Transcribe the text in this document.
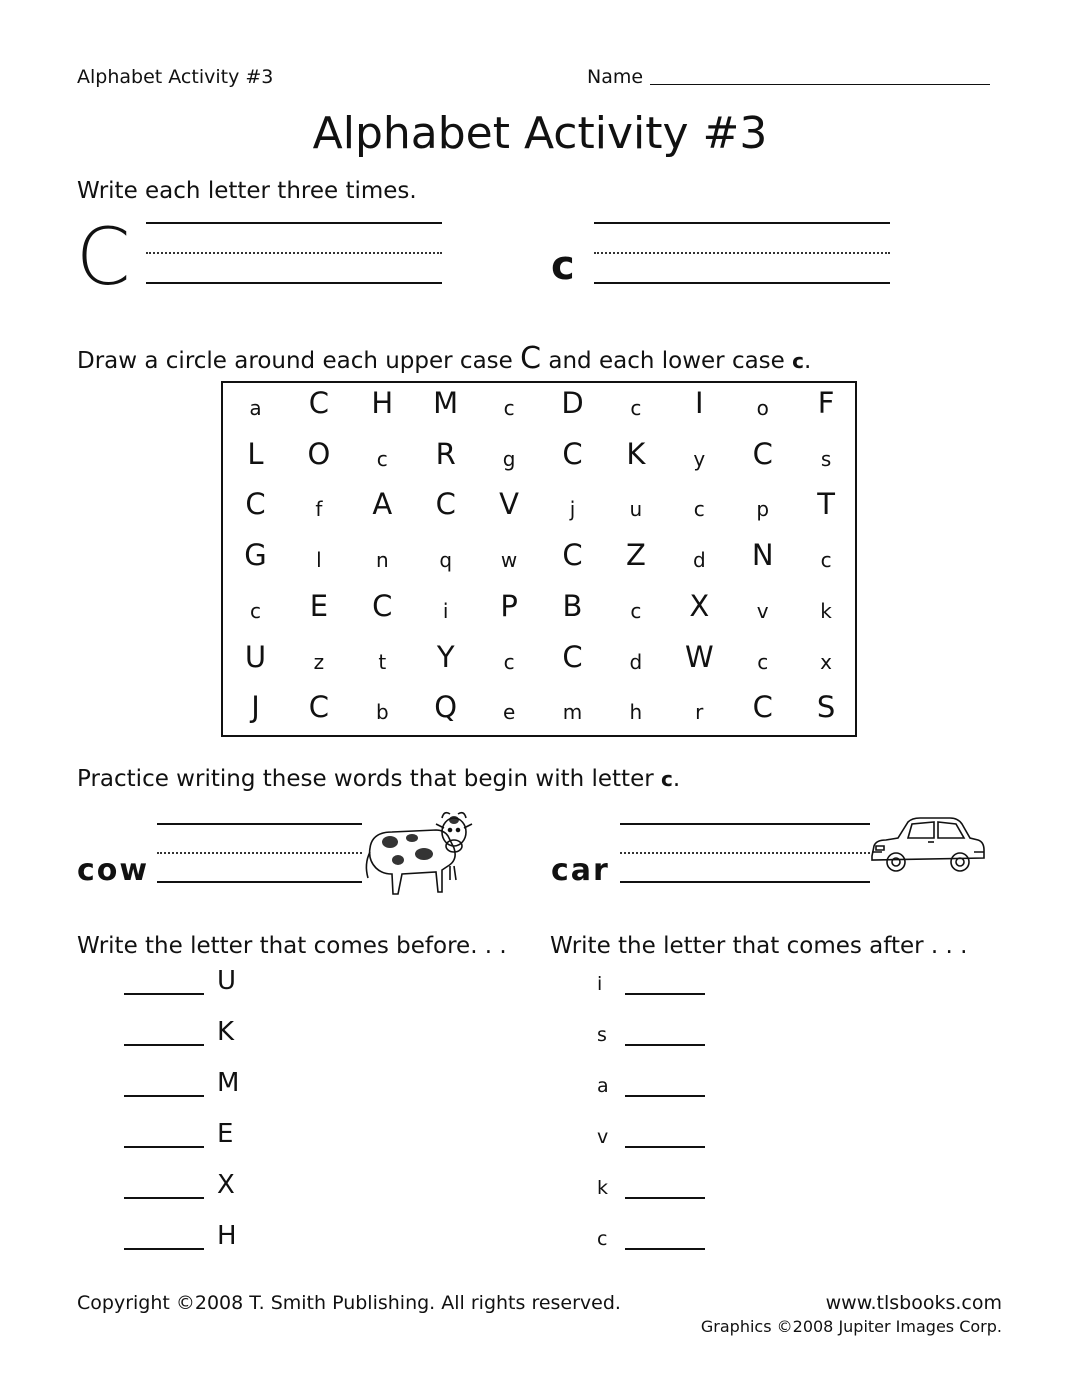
Alphabet Activity #3	Name
Alphabet Activity #3
Write each letter three times.
C	c
Draw a circle around each upper case C and each lower case c.
a	C	H	M	c	D	c	I	o	F
L	O	c	R	g	C	K	y	C	s
C	f	A	C	V	j	u	c	p	T
G	l	n	q	w	C	Z	d	N	c
c	E	C	i	P	B	c	X	v	k
U	z	t	Y	c	C	d	W	c	x
J	C	b	Q	e	m	h	r	C	S
Practice writing these words that begin with letter c.
cow	car
Write the letter that comes before. . . Write the letter that comes after . . .
U
K
M
E
X
H
i
s
a
v
k
c
Copyright ©2008 T. Smith Publishing. All rights reserved.	www.tlsbooks.com
Graphics ©2008 Jupiter Images Corp.
